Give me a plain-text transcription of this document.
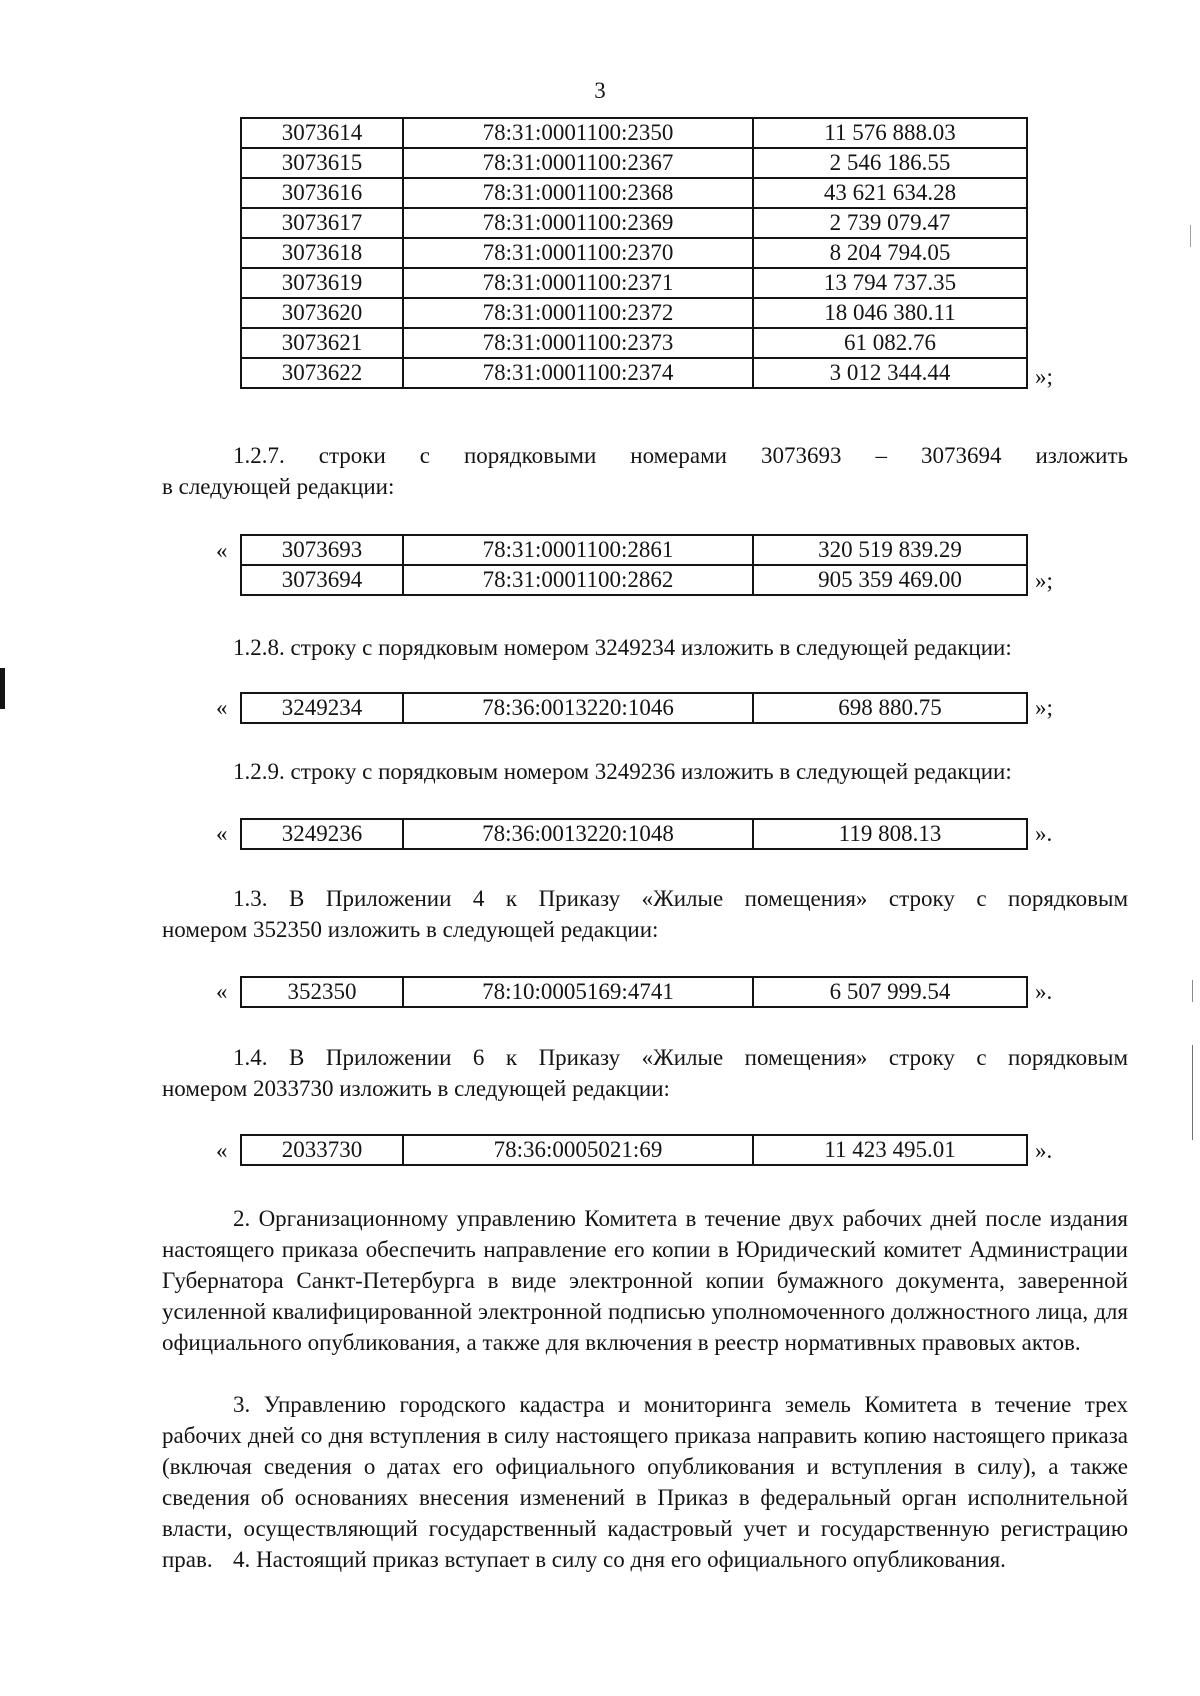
3
3073614	78:31:0001100:2350	11 576 888.03
3073615	78:31:0001100:2367	2 546 186.55
3073616	78:31:0001100:2368	43 621 634.28
3073617	78:31:0001100:2369	2 739 079.47
3073618	78:31:0001100:2370	8 204 794.05
3073619	78:31:0001100:2371	13 794 737.35
3073620	78:31:0001100:2372	18 046 380.11
3073621	78:31:0001100:2373	61 082.76
3073622	78:31:0001100:2374	3 012 344.44	»;

1.2.7. строки с порядковыми номерами 3073693 – 3073694 изложить

в следующей редакции:

« 3073693	78:31:0001100:2861	320 519 839.29
3073694	78:31:0001100:2862	905 359 469.00	»;

1.2.8. строку с порядковым номером 3249234 изложить в следующей редакции:

« 3249234	78:36:0013220:1046	698 880.75	»;

1.2.9. строку с порядковым номером 3249236 изложить в следующей редакции:

« 3249236	78:36:0013220:1048	119 808.13	».

1.3. В Приложении 4 к Приказу «Жилые помещения» строку с порядковым

номером 352350 изложить в следующей редакции:

«	352350	78:10:0005169:4741	6 507 999.54	».

1.4. В Приложении 6 к Приказу «Жилые помещения» строку с порядковым

номером 2033730 изложить в следующей редакции:

« 2033730	78:36:0005021:69	11 423 495.01	».

2. Организационному управлению Комитета в течение двух рабочих дней после издания настоящего приказа обеспечить направление его копии в Юридический комитет Администрации Губернатора Санкт-Петербурга в виде электронной копии бумажного документа, заверенной усиленной квалифицированной электронной подписью уполномоченного должностного лица, для официального опубликования, а также для включения в реестр нормативных правовых актов.

3. Управлению городского кадастра и мониторинга земель Комитета в течение трех рабочих дней со дня вступления в силу настоящего приказа направить копию настоящего приказа (включая сведения о датах его официального опубликования и вступления в силу), а также сведения об основаниях внесения изменений в Приказ в федеральный орган исполнительной власти, осуществляющий государственный кадастровый учет и государственную регистрацию прав. 4. Настоящий приказ вступает в силу со дня его официального опубликования.
